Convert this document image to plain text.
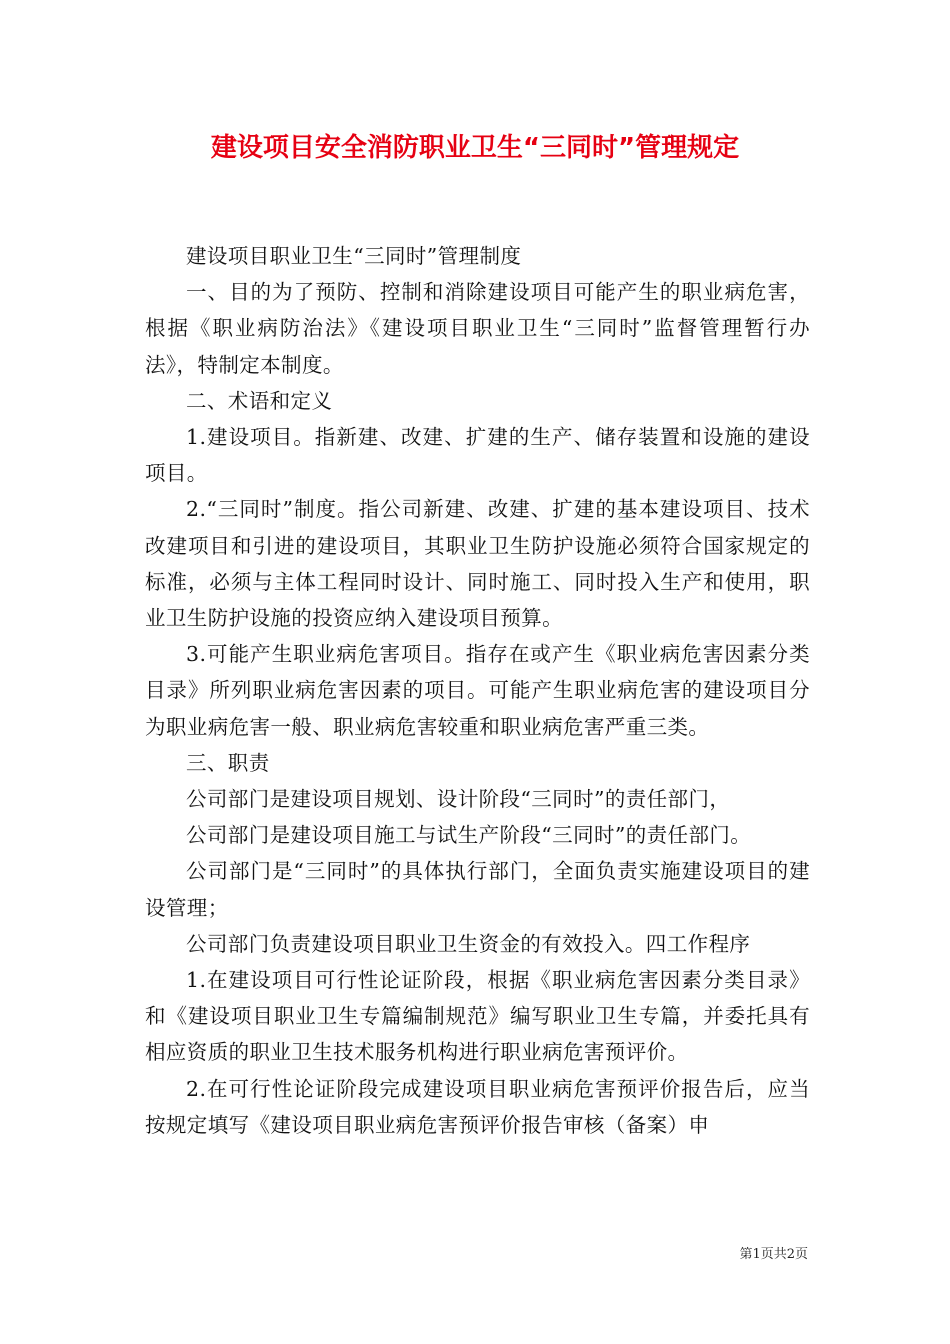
建设项目安全消防职业卫生“三同时”管理规定

建设项目职业卫生“三同时”管理制度

一、目的为了预防、控制和消除建设项目可能产生的职业病危害，根据《职业病防治法》《建设项目职业卫生“三同时”监督管理暂行办法》，特制定本制度。

二、术语和定义

1.建设项目。指新建、改建、扩建的生产、储存装置和设施的建设项目。

2.“三同时”制度。指公司新建、改建、扩建的基本建设项目、技术改建项目和引进的建设项目，其职业卫生防护设施必须符合国家规定的标准，必须与主体工程同时设计、同时施工、同时投入生产和使用，职业卫生防护设施的投资应纳入建设项目预算。

3.可能产生职业病危害项目。指存在或产生《职业病危害因素分类目录》所列职业病危害因素的项目。可能产生职业病危害的建设项目分为职业病危害一般、职业病危害较重和职业病危害严重三类。

三、职责

公司部门是建设项目规划、设计阶段“三同时”的责任部门，

公司部门是建设项目施工与试生产阶段“三同时”的责任部门。

公司部门是“三同时”的具体执行部门，全面负责实施建设项目的建设管理；

公司部门负责建设项目职业卫生资金的有效投入。四工作程序

1.在建设项目可行性论证阶段，根据《职业病危害因素分类目录》和《建设项目职业卫生专篇编制规范》编写职业卫生专篇，并委托具有相应资质的职业卫生技术服务机构进行职业病危害预评价。

2.在可行性论证阶段完成建设项目职业病危害预评价报告后，应当按规定填写《建设项目职业病危害预评价报告审核（备案）申

第1页共2页
